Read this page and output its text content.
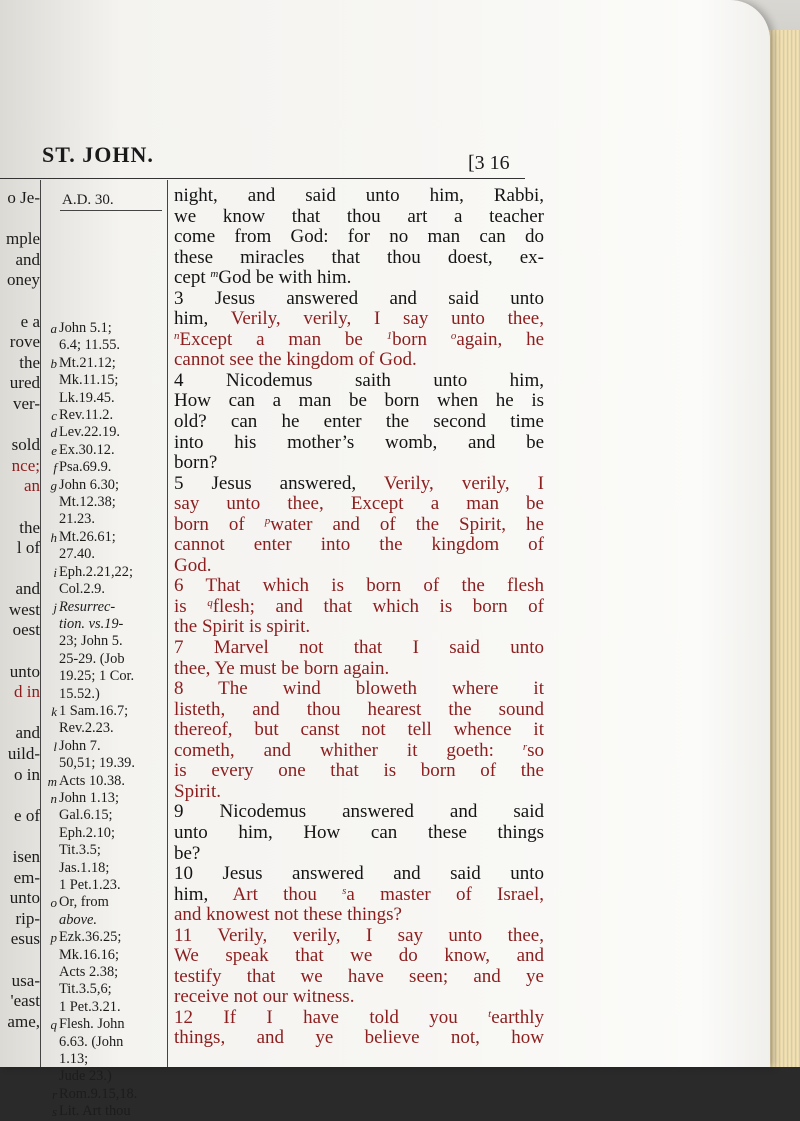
ST. JOHN.	[3 16
o Je-
mple
and
oney
e a
rove
the
ured
ver-
sold
nce;
an
the
l of
and
west
oest
unto
d in
and
uild-
o in
e of
isen
em-
unto
rip-
esus
usa-
'east
ame,
A.D. 30.
a John 5.1;
6.4; 11.55.
b Mt.21.12;
Mk.11.15;
Lk.19.45.
c Rev.11.2.
d Lev.22.19.
e Ex.30.12.
f Psa.69.9.
g John 6.30;
Mt.12.38;
21.23.
h Mt.26.61;
27.40.
i Eph.2.21,22;
Col.2.9.
j Resurrec-
tion. vs.19-
23; John 5.
25-29. (Job
19.25; 1 Cor.
15.52.)
k 1 Sam.16.7;
Rev.2.23.
l John 7.
50,51; 19.39.
m Acts 10.38.
n John 1.13;
Gal.6.15;
Eph.2.10;
Tit.3.5;
Jas.1.18;
1 Pet.1.23.
o Or, from
above.
p Ezk.36.25;
Mk.16.16;
Acts 2.38;
Tit.3.5,6;
1 Pet.3.21.
q Flesh. John
6.63. (John
1.13;
Jude 23.)
r Rom.9.15,18.
s Lit. Art thou
night, and said unto him, Rabbi,
we know that thou art a teacher
come from God: for no man can do
these miracles that thou doest, ex-
cept $^m$God be with him.
3 Jesus answered and said unto
him, Verily, verily, I say unto thee,
$^n$Except a man be $^1$born $^o$again, he
cannot see the kingdom of God.
4 Nicodemus saith unto him,
How can a man be born when he is
old? can he enter the second time
into his mother’s womb, and be
born?
5 Jesus answered, Verily, verily, I
say unto thee, Except a man be
born of $^p$water and of the Spirit, he
cannot enter into the kingdom of
God.
6 That which is born of the flesh
is $^q$flesh; and that which is born of
the Spirit is spirit.
7 Marvel not that I said unto
thee, Ye must be born again.
8 The wind bloweth where it
listeth, and thou hearest the sound
thereof, but canst not tell whence it
cometh, and whither it goeth: $^r$so
is every one that is born of the
Spirit.
9 Nicodemus answered and said
unto him, How can these things
be?
10 Jesus answered and said unto
him, Art thou $^s$a master of Israel,
and knowest not these things?
11 Verily, verily, I say unto thee,
We speak that we do know, and
testify that we have seen; and ye
receive not our witness.
12 If I have told you $^t$earthly
things, and ye believe not, how
